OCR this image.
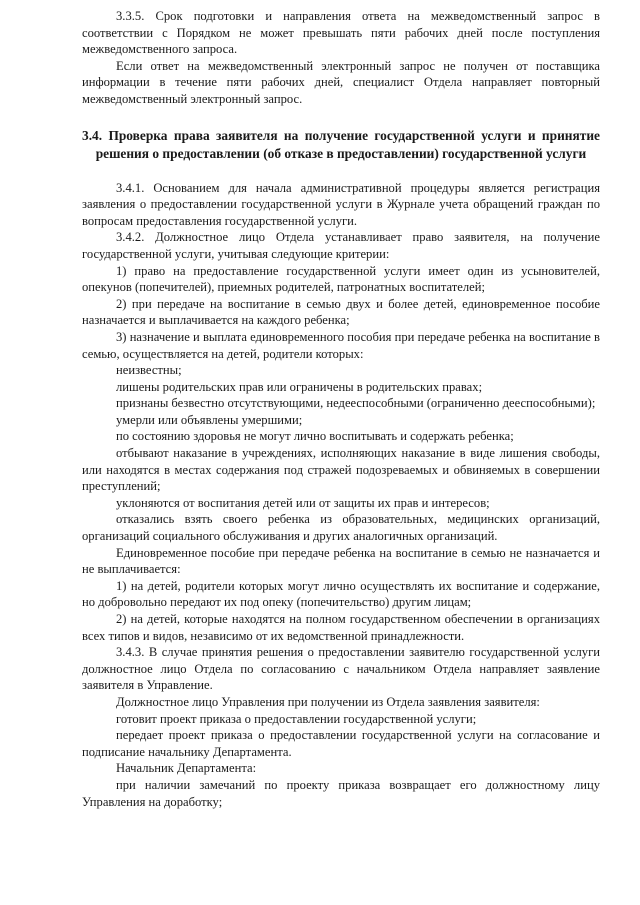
3.3.5. Срок подготовки и направления ответа на межведомственный запрос в соответствии с Порядком не может превышать пяти рабочих дней после поступления межведомственного запроса.

Если ответ на межведомственный электронный запрос не получен от поставщика информации в течение пяти рабочих дней, специалист Отдела направляет повторный межведомственный электронный запрос.

3.4. Проверка права заявителя на получение государственной услуги и принятие
решения о предоставлении (об отказе в предоставлении) государственной услуги

3.4.1. Основанием для начала административной процедуры является регистрация заявления о предоставлении государственной услуги в Журнале учета обращений граждан по вопросам предоставления государственной услуги.

3.4.2. Должностное лицо Отдела устанавливает право заявителя, на получение государственной услуги, учитывая следующие критерии:

1) право на предоставление государственной услуги имеет один из усыновителей, опекунов (попечителей), приемных родителей, патронатных воспитателей;

2) при передаче на воспитание в семью двух и более детей, единовременное пособие назначается и выплачивается на каждого ребенка;

3) назначение и выплата единовременного пособия при передаче ребенка на воспитание в семью, осуществляется на детей, родители которых:

неизвестны;

лишены родительских прав или ограничены в родительских правах;

признаны безвестно отсутствующими, недееспособными (ограниченно дееспособными);

умерли или объявлены умершими;

по состоянию здоровья не могут лично воспитывать и содержать ребенка;

отбывают наказание в учреждениях, исполняющих наказание в виде лишения свободы, или находятся в местах содержания под стражей подозреваемых и обвиняемых в совершении преступлений;

уклоняются от воспитания детей или от защиты их прав и интересов;

отказались взять своего ребенка из образовательных, медицинских организаций, организаций социального обслуживания и других аналогичных организаций.

Единовременное пособие при передаче ребенка на воспитание в семью не назначается и не выплачивается:

1) на детей, родители которых могут лично осуществлять их воспитание и содержание, но добровольно передают их под опеку (попечительство) другим лицам;

2) на детей, которые находятся на полном государственном обеспечении в организациях всех типов и видов, независимо от их ведомственной принадлежности.

3.4.3. В случае принятия решения о предоставлении заявителю государственной услуги должностное лицо Отдела по согласованию с начальником Отдела направляет заявление заявителя в Управление.

Должностное лицо Управления при получении из Отдела заявления заявителя:

готовит проект приказа о предоставлении государственной услуги;

передает проект приказа о предоставлении государственной услуги на согласование и подписание начальнику Департамента.

Начальник Департамента:

при наличии замечаний по проекту приказа возвращает его должностному лицу Управления на доработку;
